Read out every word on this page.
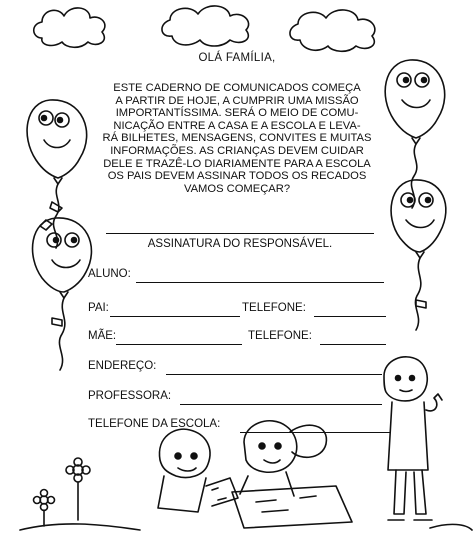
OLÁ FAMÍLIA,
ESTE CADERNO DE COMUNICADOS COMEÇA
A PARTIR DE HOJE, A CUMPRIR UMA MISSÃO
IMPORTANTÍSSIMA. SERÁ O MEIO DE COMU-
NICAÇÃO ENTRE A CASA E A ESCOLA E LEVA-
RÁ BILHETES, MENSAGENS, CONVITES E MUITAS
INFORMAÇÕES. AS CRIANÇAS DEVEM CUIDAR
DELE E TRAZÊ-LO DIARIAMENTE PARA A ESCOLA
OS PAIS DEVEM ASSINAR TODOS OS RECADOS
VAMOS COMEÇAR?
ASSINATURA DO RESPONSÁVEL.
ALUNO:
PAI:	TELEFONE:
MÃE:	TELEFONE:
ENDEREÇO:
PROFESSORA:
TELEFONE DA ESCOLA:
